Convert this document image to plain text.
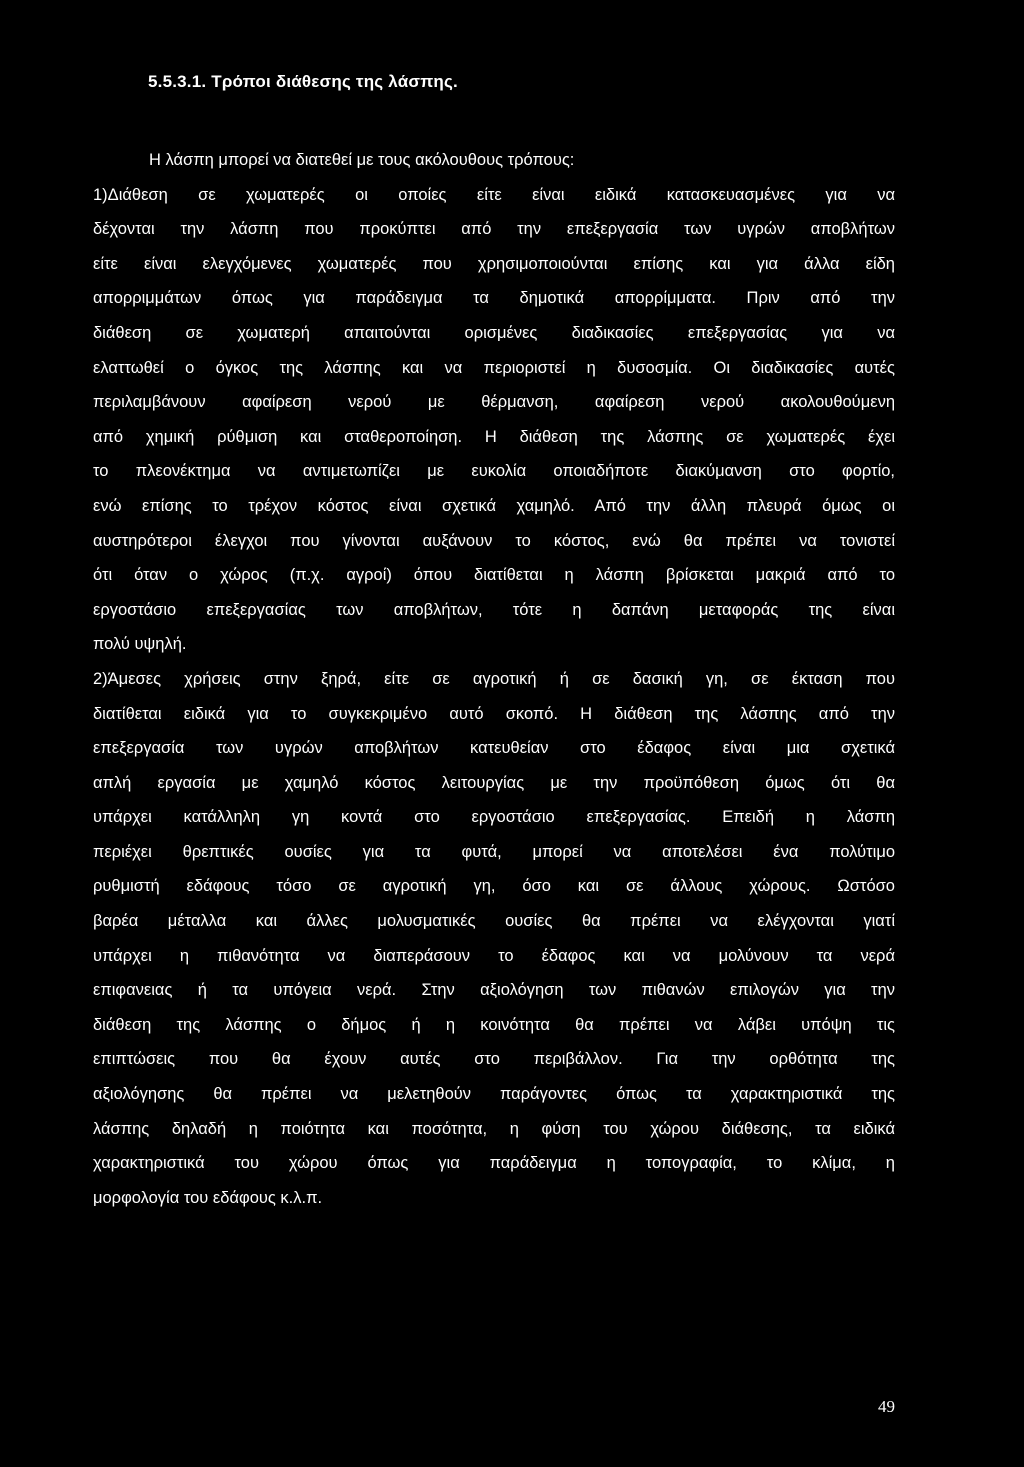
5.5.3.1. Τρόποι διάθεσης της λάσπης.
Η λάσπη μπορεί να διατεθεί με τους ακόλουθους τρόπους:
1)Διάθεση σε χωματερές οι οποίες είτε είναι ειδικά κατασκευασμένες για να
δέχονται την λάσπη που προκύπτει από την επεξεργασία των υγρών αποβλήτων
είτε είναι ελεγχόμενες χωματερές που χρησιμοποιούνται επίσης και για άλλα είδη
απορριμμάτων όπως για παράδειγμα τα δημοτικά απορρίμματα. Πριν από την
διάθεση σε χωματερή απαιτούνται ορισμένες διαδικασίες επεξεργασίας για να
ελαττωθεί ο όγκος της λάσπης και να περιοριστεί η δυσοσμία. Οι διαδικασίες αυτές
περιλαμβάνουν αφαίρεση νερού με θέρμανση, αφαίρεση νερού ακολουθούμενη
από χημική ρύθμιση και σταθεροποίηση. Η διάθεση της λάσπης σε χωματερές έχει
το πλεονέκτημα να αντιμετωπίζει με ευκολία οποιαδήποτε διακύμανση στο φορτίο,
ενώ επίσης το τρέχον κόστος είναι σχετικά χαμηλό. Από την άλλη πλευρά όμως οι
αυστηρότεροι έλεγχοι που γίνονται αυξάνουν το κόστος, ενώ θα πρέπει να τονιστεί
ότι όταν ο χώρος (π.χ. αγροί) όπου διατίθεται η λάσπη βρίσκεται μακριά από το
εργοστάσιο επεξεργασίας των αποβλήτων, τότε η δαπάνη μεταφοράς της είναι
πολύ υψηλή.
2)Άμεσες χρήσεις στην ξηρά, είτε σε αγροτική ή σε δασική γη, σε έκταση που
διατίθεται ειδικά για το συγκεκριμένο αυτό σκοπό. Η διάθεση της λάσπης από την
επεξεργασία των υγρών αποβλήτων κατευθείαν στο έδαφος είναι μια σχετικά
απλή εργασία με χαμηλό κόστος λειτουργίας με την προϋπόθεση όμως ότι θα
υπάρχει κατάλληλη γη κοντά στο εργοστάσιο επεξεργασίας. Επειδή η λάσπη
περιέχει θρεπτικές ουσίες για τα φυτά, μπορεί να αποτελέσει ένα πολύτιμο
ρυθμιστή εδάφους τόσο σε αγροτική γη, όσο και σε άλλους χώρους. Ωστόσο
βαρέα μέταλλα και άλλες μολυσματικές ουσίες θα πρέπει να ελέγχονται γιατί
υπάρχει η πιθανότητα να διαπεράσουν το έδαφος και να μολύνουν τα νερά
επιφανειας ή τα υπόγεια νερά. Στην αξιολόγηση των πιθανών επιλογών για την
διάθεση της λάσπης ο δήμος ή η κοινότητα θα πρέπει να λάβει υπόψη τις
επιπτώσεις που θα έχουν αυτές στο περιβάλλον. Για την ορθότητα της
αξιολόγησης θα πρέπει να μελετηθούν παράγοντες όπως τα χαρακτηριστικά της
λάσπης δηλαδή η ποιότητα και ποσότητα, η φύση του χώρου διάθεσης, τα ειδικά
χαρακτηριστικά του χώρου όπως για παράδειγμα η τοπογραφία, το κλίμα, η
μορφολογία του εδάφους κ.λ.π.
49
